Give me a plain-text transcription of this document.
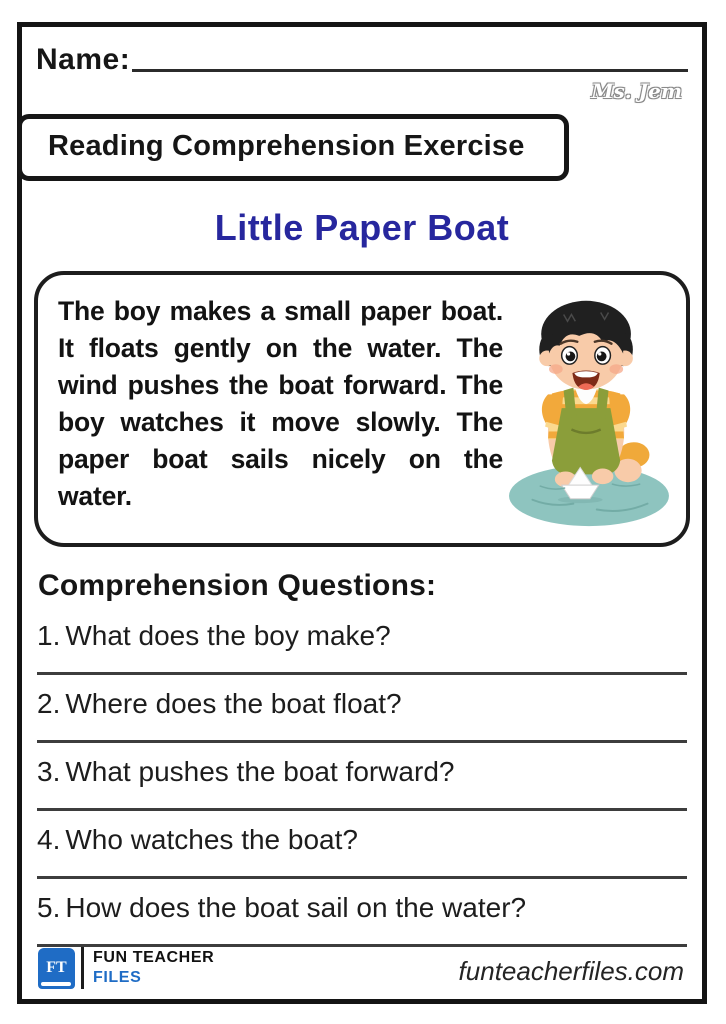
Name:
Ms. Jem
Reading Comprehension Exercise
Little Paper Boat
The boy makes a small paper boat. It floats gently on the water. The wind pushes the boat forward. The boy watches it move slowly. The paper boat sails nicely on the water.
Comprehension Questions:
1. What does the boy make?
2. Where does the boat float?
3. What pushes the boat forward?
4. Who watches the boat?
5. How does the boat sail on the water?
FT
FUN TEACHER
FILES	funteacherfiles.com
